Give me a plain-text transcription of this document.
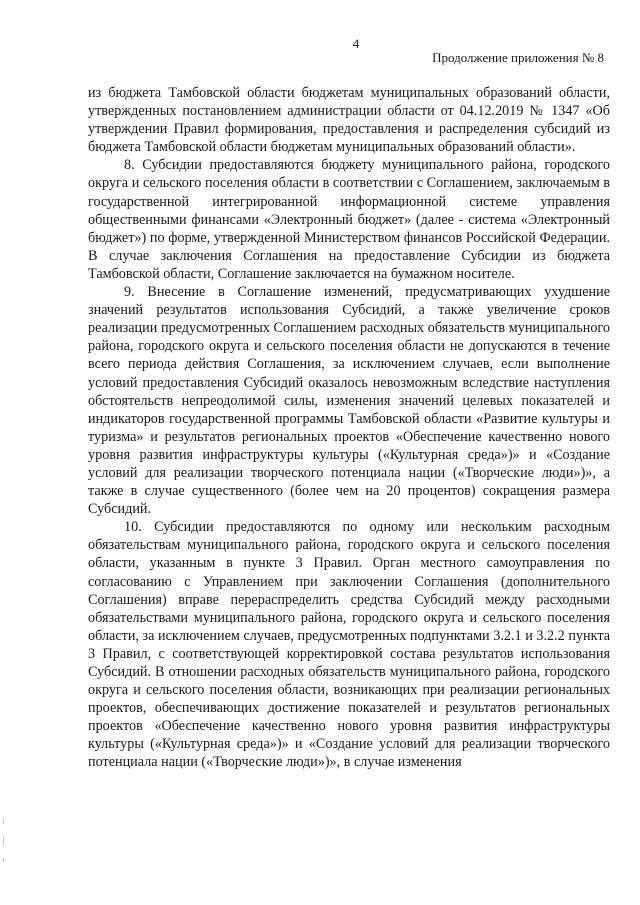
4
Продолжение приложения № 8

из бюджета Тамбовской области бюджетам муниципальных образований области, утвержденных постановлением администрации области от 04.12.2019 № 1347 «Об утверждении Правил формирования, предоставления и распределения субсидий из бюджета Тамбовской области бюджетам муниципальных образований области».

8. Субсидии предоставляются бюджету муниципального района, городского округа и сельского поселения области в соответствии с Соглашением, заключаемым в государственной интегрированной информационной системе управления общественными финансами «Электронный бюджет» (далее - система «Электронный бюджет») по форме, утвержденной Министерством финансов Российской Федерации. В случае заключения Соглашения на предоставление Субсидии из бюджета Тамбовской области, Соглашение заключается на бумажном носителе.

9. Внесение в Соглашение изменений, предусматривающих ухудшение значений результатов использования Субсидий, а также увеличение сроков реализации предусмотренных Соглашением расходных обязательств муниципального района, городского округа и сельского поселения области не допускаются в течение всего периода действия Соглашения, за исключением случаев, если выполнение условий предоставления Субсидий оказалось невозможным вследствие наступления обстоятельств непреодолимой силы, изменения значений целевых показателей и индикаторов государственной программы Тамбовской области «Развитие культуры и туризма» и результатов региональных проектов «Обеспечение качественно нового уровня развития инфраструктуры культуры («Культурная среда»)» и «Создание условий для реализации творческого потенциала нации («Творческие люди»)», а также в случае существенного (более чем на 20 процентов) сокращения размера Субсидий.

10. Субсидии предоставляются по одному или нескольким расходным обязательствам муниципального района, городского округа и сельского поселения области, указанным в пункте 3 Правил. Орган местного самоуправления по согласованию с Управлением при заключении Соглашения (дополнительного Соглашения) вправе перераспределить средства Субсидий между расходными обязательствами муниципального района, городского округа и сельского поселения области, за исключением случаев, предусмотренных подпунктами 3.2.1 и 3.2.2 пункта 3 Правил, с соответствующей корректировкой состава результатов использования Субсидий. В отношении расходных обязательств муниципального района, городского округа и сельского поселения области, возникающих при реализации региональных проектов, обеспечивающих достижение показателей и результатов региональных проектов «Обеспечение качественно нового уровня развития инфраструктуры культуры («Культурная среда»)» и «Создание условий для реализации творческого потенциала нации («Творческие люди»)», в случае изменения
